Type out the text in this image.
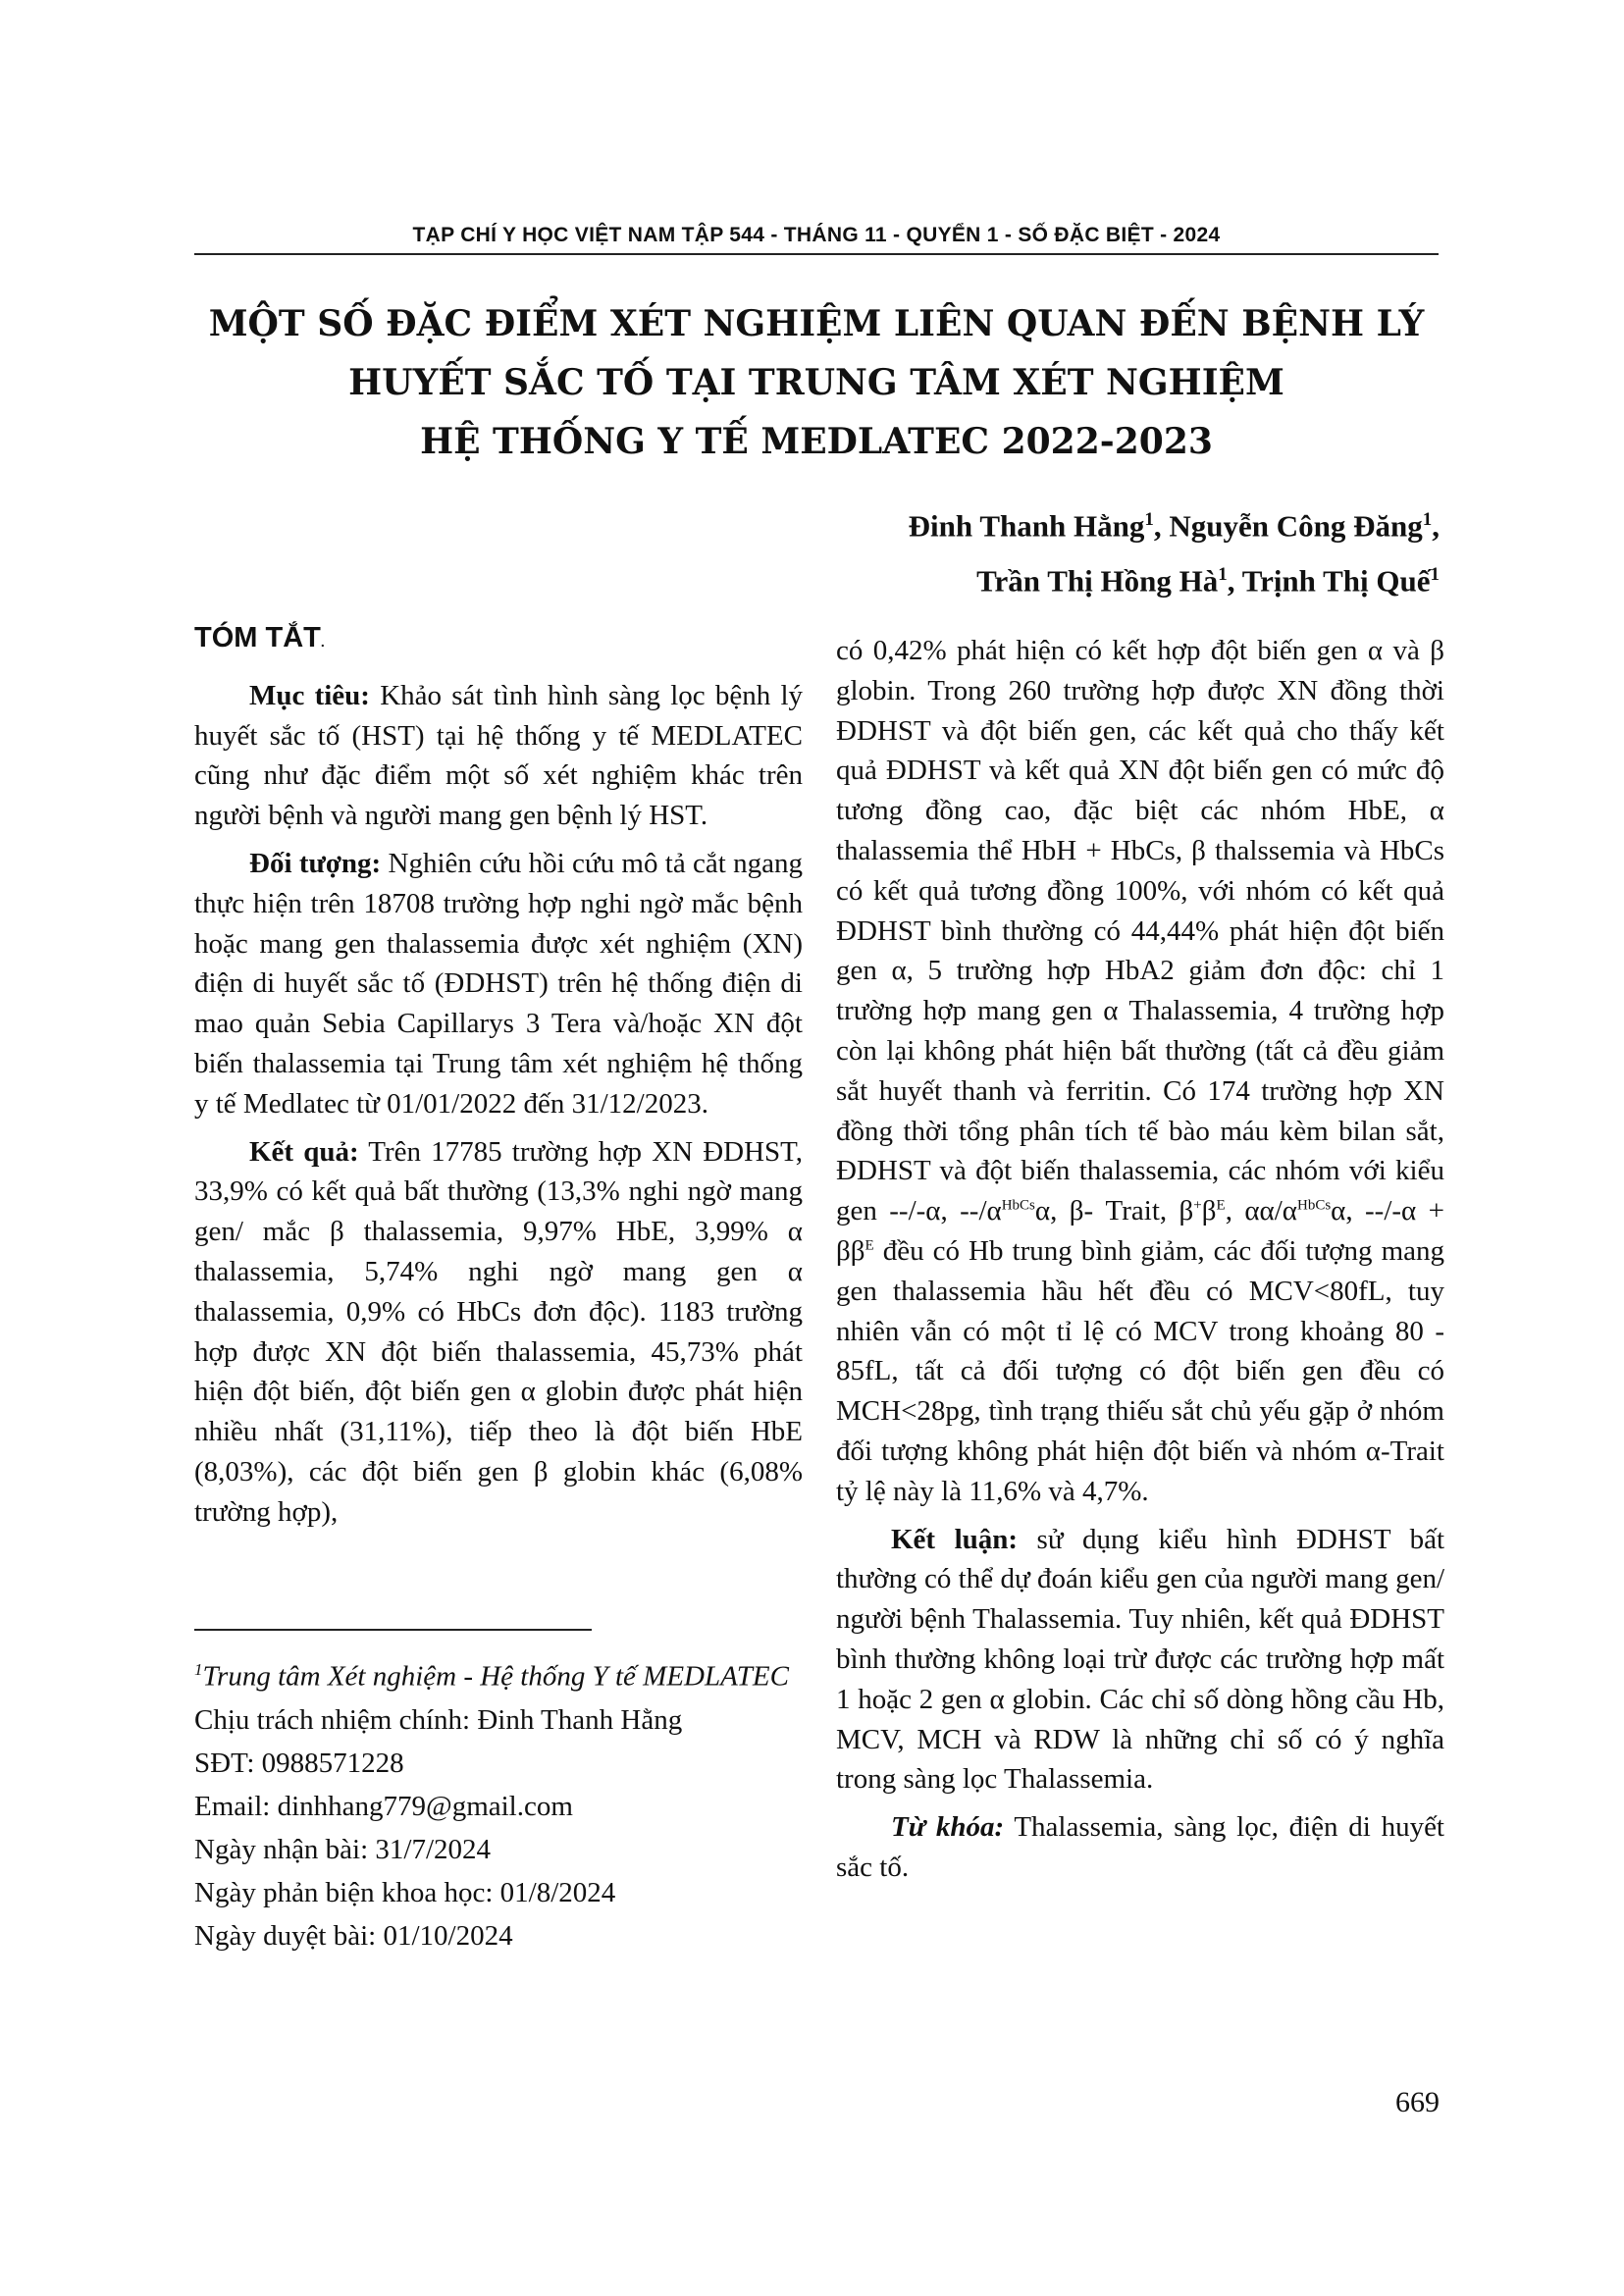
TẠP CHÍ Y HỌC VIỆT NAM TẬP 544 - THÁNG 11 - QUYỂN 1 - SỐ ĐẶC BIỆT - 2024
MỘT SỐ ĐẶC ĐIỂM XÉT NGHIỆM LIÊN QUAN ĐẾN BỆNH LÝ
HUYẾT SẮC TỐ TẠI TRUNG TÂM XÉT NGHIỆM
HỆ THỐNG Y TẾ MEDLATEC 2022-2023
Đinh Thanh Hằng$^1$, Nguyễn Công Đăng$^1$,
Trần Thị Hồng $Hà^1$, Trịnh Thị Quế$^1$
TÓM TẮT.

Mục tiêu: Khảo sát tình hình sàng lọc bệnh lý huyết sắc tố (HST) tại hệ thống y tế MEDLATEC cũng như đặc điểm một số xét nghiệm khác trên người bệnh và người mang gen bệnh lý HST.

Đối tượng: Nghiên cứu hồi cứu mô tả cắt ngang thực hiện trên 18708 trường hợp nghi ngờ mắc bệnh hoặc mang gen thalassemia được xét nghiệm (XN) điện di huyết sắc tố (ĐDHST) trên hệ thống điện di mao quản Sebia Capillarys 3 Tera và/hoặc XN đột biến thalassemia tại Trung tâm xét nghiệm hệ thống y tế Medlatec từ 01/01/2022 đến 31/12/2023.

Kết quả: Trên 17785 trường hợp XN ĐDHST, 33,9% có kết quả bất thường (13,3% nghi ngờ mang gen/ mắc β thalassemia, 9,97% HbE, 3,99% α thalassemia, 5,74% nghi ngờ mang gen α thalassemia, 0,9% có HbCs đơn độc). 1183 trường hợp được XN đột biến thalassemia, 45,73% phát hiện đột biến, đột biến gen α globin được phát hiện nhiều nhất (31,11%), tiếp theo là đột biến HbE (8,03%), các đột biến gen β globin khác (6,08% trường hợp),

$^1$Trung tâm Xét nghiệm - Hệ thống Y tế MEDLATEC
Chịu trách nhiệm chính: Đinh Thanh Hằng
SĐT: 0988571228
Email: dinhhang779@gmail.com
Ngày nhận bài: 31/7/2024
Ngày phản biện khoa học: 01/8/2024
Ngày duyệt bài: 01/10/2024

có 0,42% phát hiện có kết hợp đột biến gen α và β globin. Trong 260 trường hợp được XN đồng thời ĐDHST và đột biến gen, các kết quả cho thấy kết quả ĐDHST và kết quả XN đột biến gen có mức độ tương đồng cao, đặc biệt các nhóm HbE, α thalassemia thể HbH + HbCs, β thalssemia và HbCs có kết quả tương đồng 100%, với nhóm có kết quả ĐDHST bình thường có 44,44% phát hiện đột biến gen α, 5 trường hợp HbA2 giảm đơn độc: chỉ 1 trường hợp mang gen α Thalassemia, 4 trường hợp còn lại không phát hiện bất thường (tất cả đều giảm sắt huyết thanh và ferritin. Có 174 trường hợp XN đồng thời tổng phân tích tế bào máu kèm bilan sắt, ĐDHST và đột biến thalassemia, các nhóm với kiểu gen --/-α, $--/\alpha^{HbCs}\alpha$, β- Trait, $\beta^+\beta^E$, $\alpha\alpha/\alpha^{HbCs}\alpha$, $--/-\alpha + \beta\beta^E$ đều có Hb trung bình giảm, các đối tượng mang gen thalassemia hầu hết đều có MCV<80fL, tuy nhiên vẫn có một tỉ lệ có MCV trong khoảng 80 - 85fL, tất cả đối tượng có đột biến gen đều có MCH<28pg, tình trạng thiếu sắt chủ yếu gặp ở nhóm đối tượng không phát hiện đột biến và nhóm α-Trait tỷ lệ này là 11,6% và 4,7%.

Kết luận: sử dụng kiểu hình ĐDHST bất thường có thể dự đoán kiểu gen của người mang gen/ người bệnh Thalassemia. Tuy nhiên, kết quả ĐDHST bình thường không loại trừ được các trường hợp mất 1 hoặc 2 gen α globin. Các chỉ số dòng hồng cầu Hb, MCV, MCH và RDW là những chỉ số có ý nghĩa trong sàng lọc Thalassemia.

Từ khóa: Thalassemia, sàng lọc, điện di huyết sắc tố.

669
